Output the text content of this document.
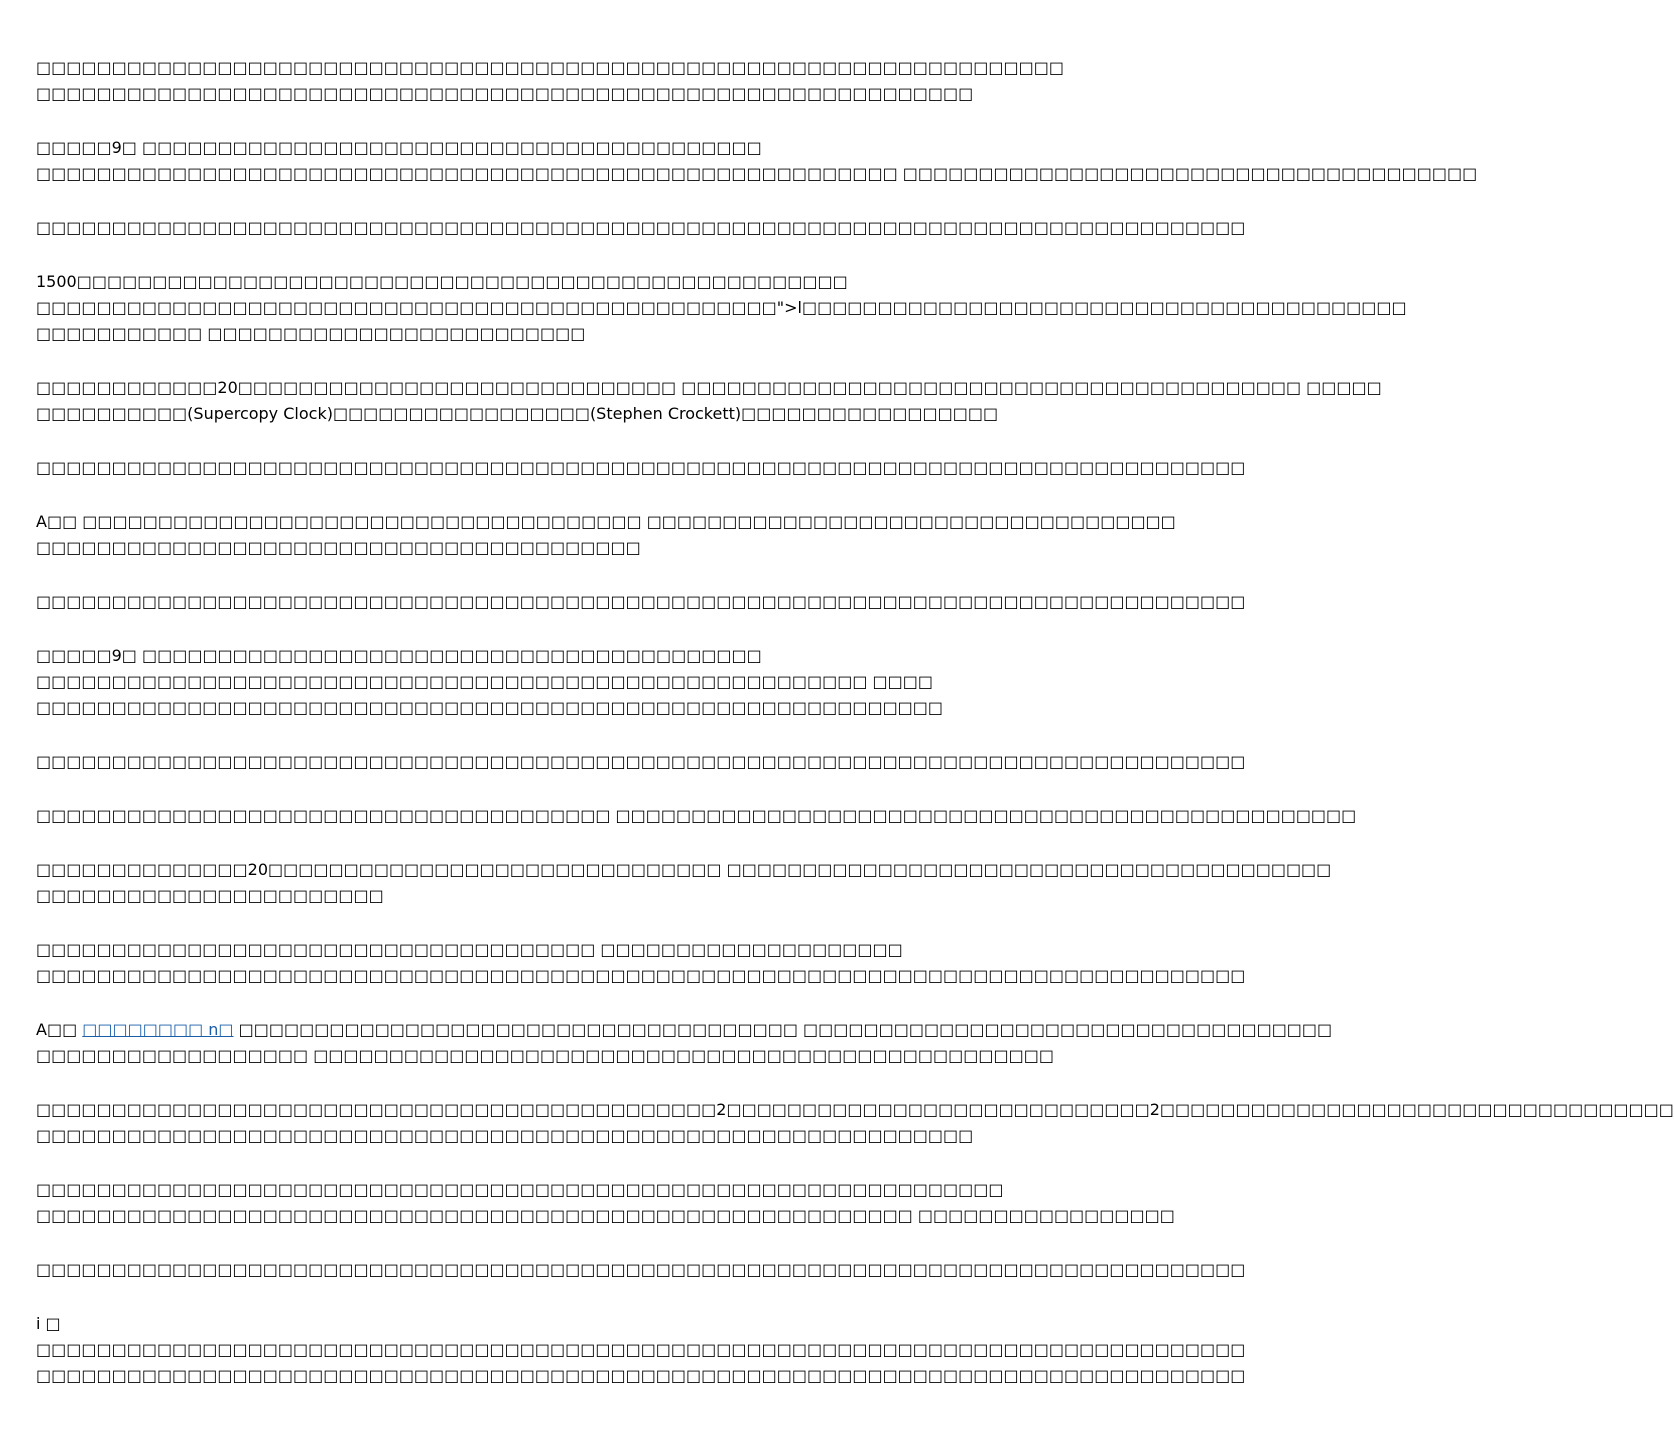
□□□□□□□□□□□□□□□□□□□□□□□□□□□□□□□□□□□□□□□□□□□□□□□□□□□□□□□□□□□□□□□□□□□□
□□□□□□□□□□□□□□□□□□□□□□□□□□□□□□□□□□□□□□□□□□□□□□□□□□□□□□□□□□□□□□
□□□□□9□ □□□□□□□□□□□□□□□□□□□□□□□□□□□□□□□□□□□□□□□□□
□□□□□□□□□□□□□□□□□□□□□□□□□□□□□□□□□□□□□□□□□□□□□□□□□□□□□□□□□ □□□□□□□□□□□□□□□□□□□□□□□□□□□□□□□□□□□□□□
□□□□□□□□□□□□□□□□□□□□□□□□□□□□□□□□□□□□□□□□□□□□□□□□□□□□□□□□□□□□□□□□□□□□□□□□□□□□□□□□
1500□□□□□□□□□□□□□□□□□□□□□□□□□□□□□□□□□□□□□□□□□□□□□□□□□□□
□□□□□□□□□□□□□□□□□□□□□□□□□□□□□□□□□□□□□□□□□□□□□□□□□">l□□□□□□□□□□□□□□□□□□□□□□□□□□□□□□□□□□□□□□□□
□□□□□□□□□□□ □□□□□□□□□□□□□□□□□□□□□□□□□
□□□□□□□□□□□□20□□□□□□□□□□□□□□□□□□□□□□□□□□□□□ □□□□□□□□□□□□□□□□□□□□□□□□□□□□□□□□□□□□□□□□□ □□□□□
□□□□□□□□□□(Supercopy Clock)□□□□□□□□□□□□□□□□□(Stephen Crockett)□□□□□□□□□□□□□□□□□
□□□□□□□□□□□□□□□□□□□□□□□□□□□□□□□□□□□□□□□□□□□□□□□□□□□□□□□□□□□□□□□□□□□□□□□□□□□□□□□□
A□□ □□□□□□□□□□□□□□□□□□□□□□□□□□□□□□□□□□□□□ □□□□□□□□□□□□□□□□□□□□□□□□□□□□□□□□□□□
□□□□□□□□□□□□□□□□□□□□□□□□□□□□□□□□□□□□□□□□
□□□□□□□□□□□□□□□□□□□□□□□□□□□□□□□□□□□□□□□□□□□□□□□□□□□□□□□□□□□□□□□□□□□□□□□□□□□□□□□□
□□□□□9□ □□□□□□□□□□□□□□□□□□□□□□□□□□□□□□□□□□□□□□□□□
□□□□□□□□□□□□□□□□□□□□□□□□□□□□□□□□□□□□□□□□□□□□□□□□□□□□□□□ □□□□
□□□□□□□□□□□□□□□□□□□□□□□□□□□□□□□□□□□□□□□□□□□□□□□□□□□□□□□□□□□□
□□□□□□□□□□□□□□□□□□□□□□□□□□□□□□□□□□□□□□□□□□□□□□□□□□□□□□□□□□□□□□□□□□□□□□□□□□□□□□□□
□□□□□□□□□□□□□□□□□□□□□□□□□□□□□□□□□□□□□□ □□□□□□□□□□□□□□□□□□□□□□□□□□□□□□□□□□□□□□□□□□□□□□□□□
□□□□□□□□□□□□□□20□□□□□□□□□□□□□□□□□□□□□□□□□□□□□□ □□□□□□□□□□□□□□□□□□□□□□□□□□□□□□□□□□□□□□□□
□□□□□□□□□□□□□□□□□□□□□□□
□□□□□□□□□□□□□□□□□□□□□□□□□□□□□□□□□□□□□ □□□□□□□□□□□□□□□□□□□□
□□□□□□□□□□□□□□□□□□□□□□□□□□□□□□□□□□□□□□□□□□□□□□□□□□□□□□□□□□□□□□□□□□□□□□□□□□□□□□□□
A□□ □□□□□□□□ n□ □□□□□□□□□□□□□□□□□□□□□□□□□□□□□□□□□□□□□ □□□□□□□□□□□□□□□□□□□□□□□□□□□□□□□□□□□
□□□□□□□□□□□□□□□□□□ □□□□□□□□□□□□□□□□□□□□□□□□□□□□□□□□□□□□□□□□□□□□□□□□□
□□□□□□□□□□□□□□□□□□□□□□□□□□□□□□□□□□□□□□□□□□□□□2□□□□□□□□□□□□□□□□□□□□□□□□□□□□2□□□□□□□□□□□□□□□□□□□□□□□□□□□□□□□□□□
□□□□□□□□□□□□□□□□□□□□□□□□□□□□□□□□□□□□□□□□□□□□□□□□□□□□□□□□□□□□□□
□□□□□□□□□□□□□□□□□□□□□□□□□□□□□□□□□□□□□□□□□□□□□□□□□□□□□□□□□□□□□□□□
□□□□□□□□□□□□□□□□□□□□□□□□□□□□□□□□□□□□□□□□□□□□□□□□□□□□□□□□□□ □□□□□□□□□□□□□□□□□
□□□□□□□□□□□□□□□□□□□□□□□□□□□□□□□□□□□□□□□□□□□□□□□□□□□□□□□□□□□□□□□□□□□□□□□□□□□□□□□□
i □
□□□□□□□□□□□□□□□□□□□□□□□□□□□□□□□□□□□□□□□□□□□□□□□□□□□□□□□□□□□□□□□□□□□□□□□□□□□□□□□□
□□□□□□□□□□□□□□□□□□□□□□□□□□□□□□□□□□□□□□□□□□□□□□□□□□□□□□□□□□□□□□□□□□□□□□□□□□□□□□□□
